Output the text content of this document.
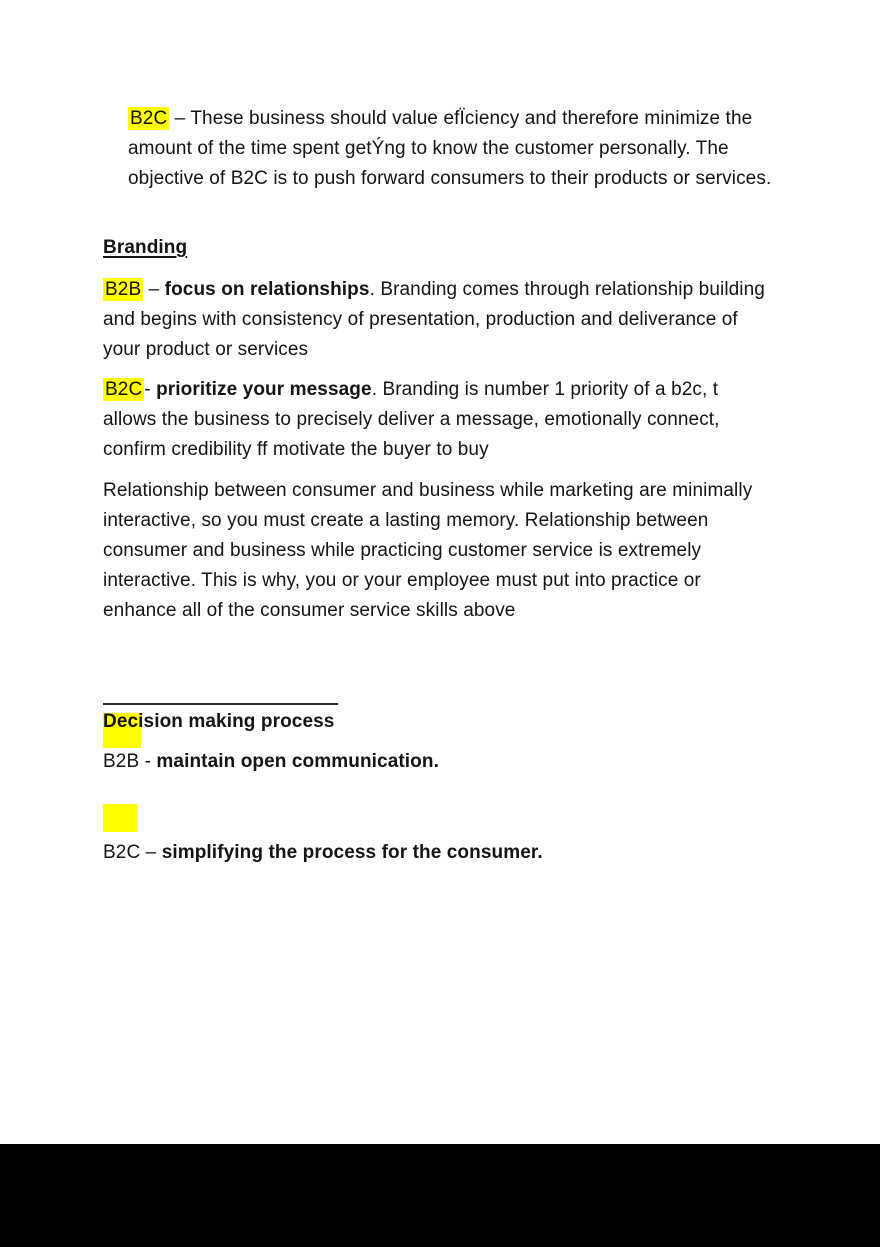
B2C – These business should value efÏciency and therefore minimize the amount of the time spent getÝng to know the customer personally. The objective of B2C is to push forward consumers to their products or services.

Branding

B2B – focus on relationships. Branding comes through relationship building and begins with consistency of presentation, production and deliverance of your product or services

B2C - prioritize your message. Branding is number 1 priority of a b2c, t allows the business to precisely deliver a message, emotionally connect, confirm credibility ff motivate the buyer to buy

Relationship between consumer and business while marketing are minimally interactive, so you must create a lasting memory. Relationship between consumer and business while practicing customer service is extremely interactive. This is why, you or your employee must put into practice or enhance all of the consumer service skills above

Decision making process

B2B - maintain open communication.

B2C – simplifying the process for the consumer.
